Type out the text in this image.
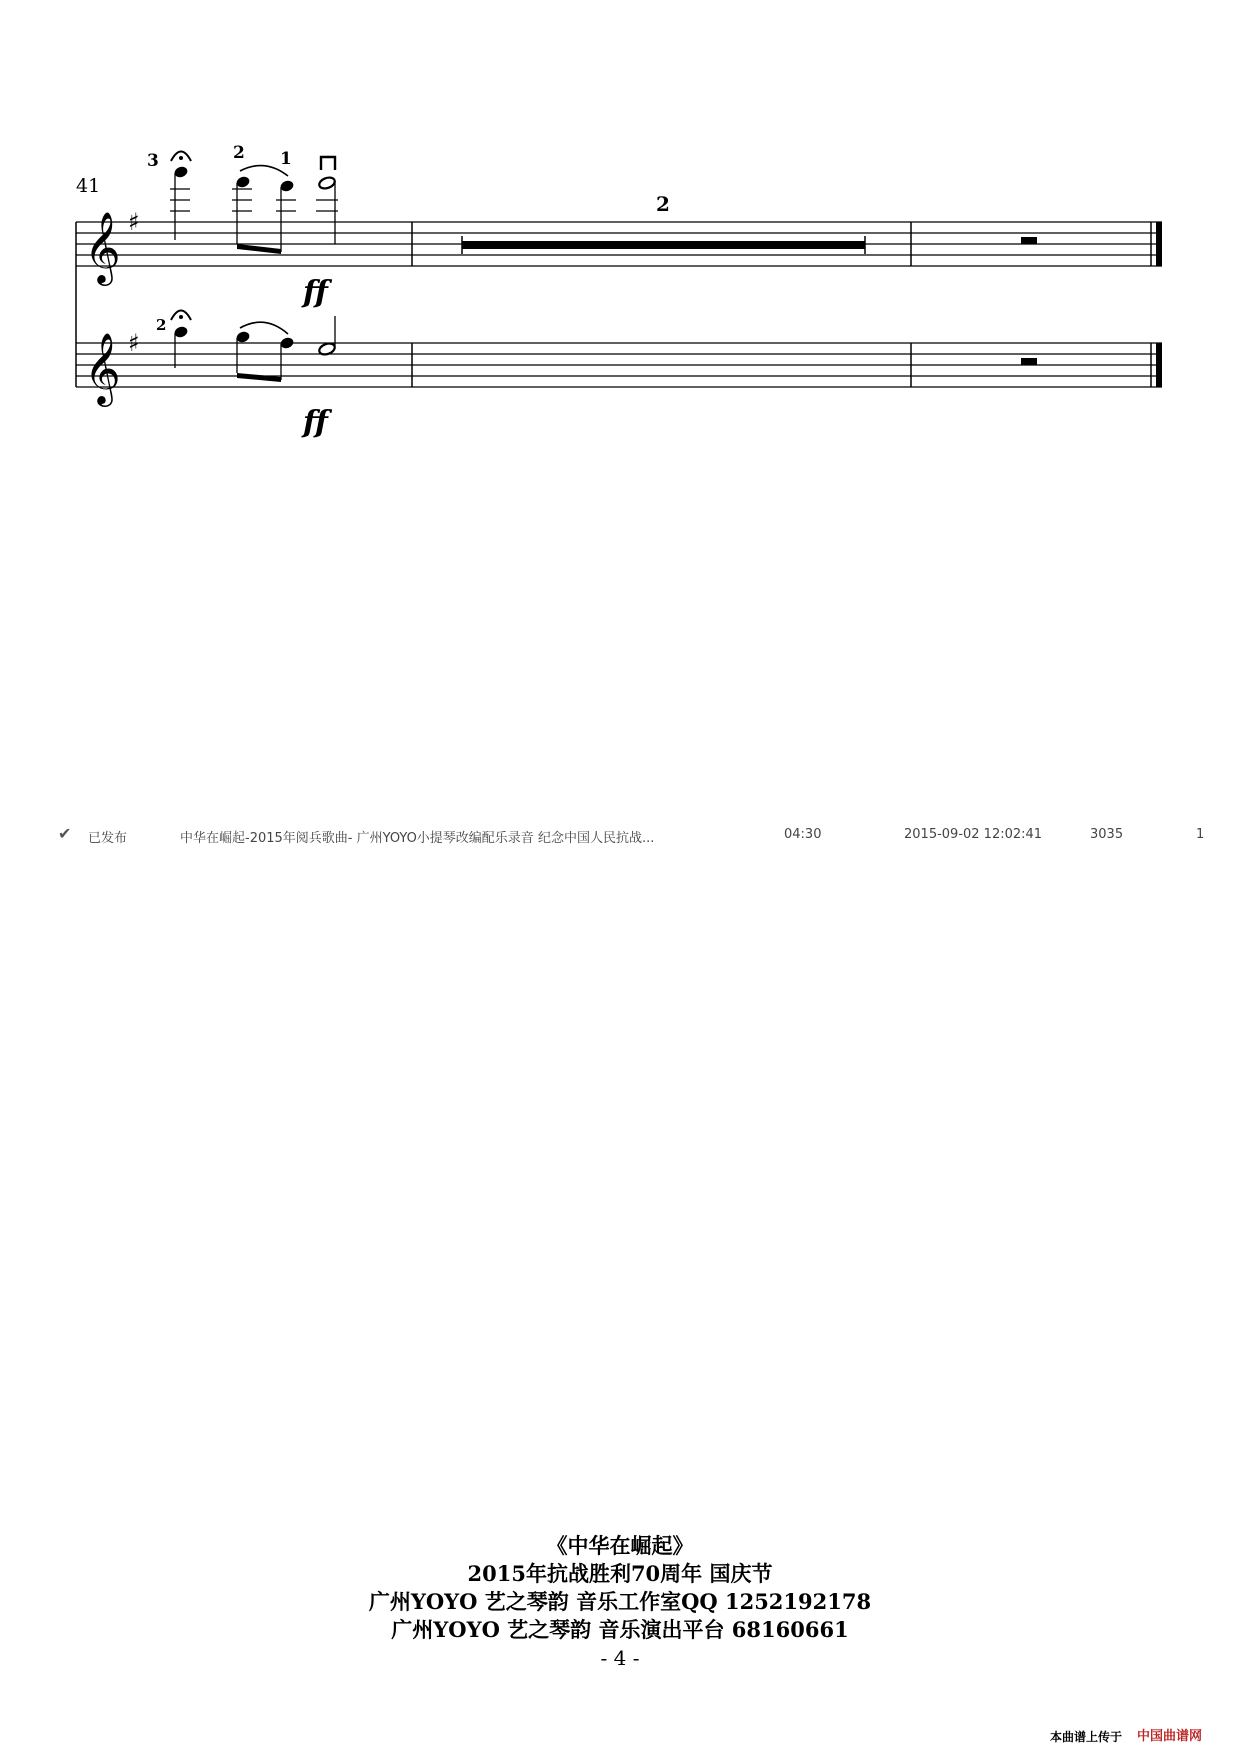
41
𝄞
𝄞
♯
♯
3	2 1
2
ff
ff
2
✔ 已发布	中华在崛起-2015年阅兵歌曲- 广州YOYO小提琴改编配乐录音 纪念中国人民抗战...	04:30	2015-09-02 12:02:41	3035	1
《中华在崛起》
2015年抗战胜利70周年 国庆节
广州YOYO 艺之琴韵 音乐工作室QQ 1252192178
广州YOYO 艺之琴韵 音乐演出平台 68160661
- 4 -
本曲谱上传于 中国曲谱网
